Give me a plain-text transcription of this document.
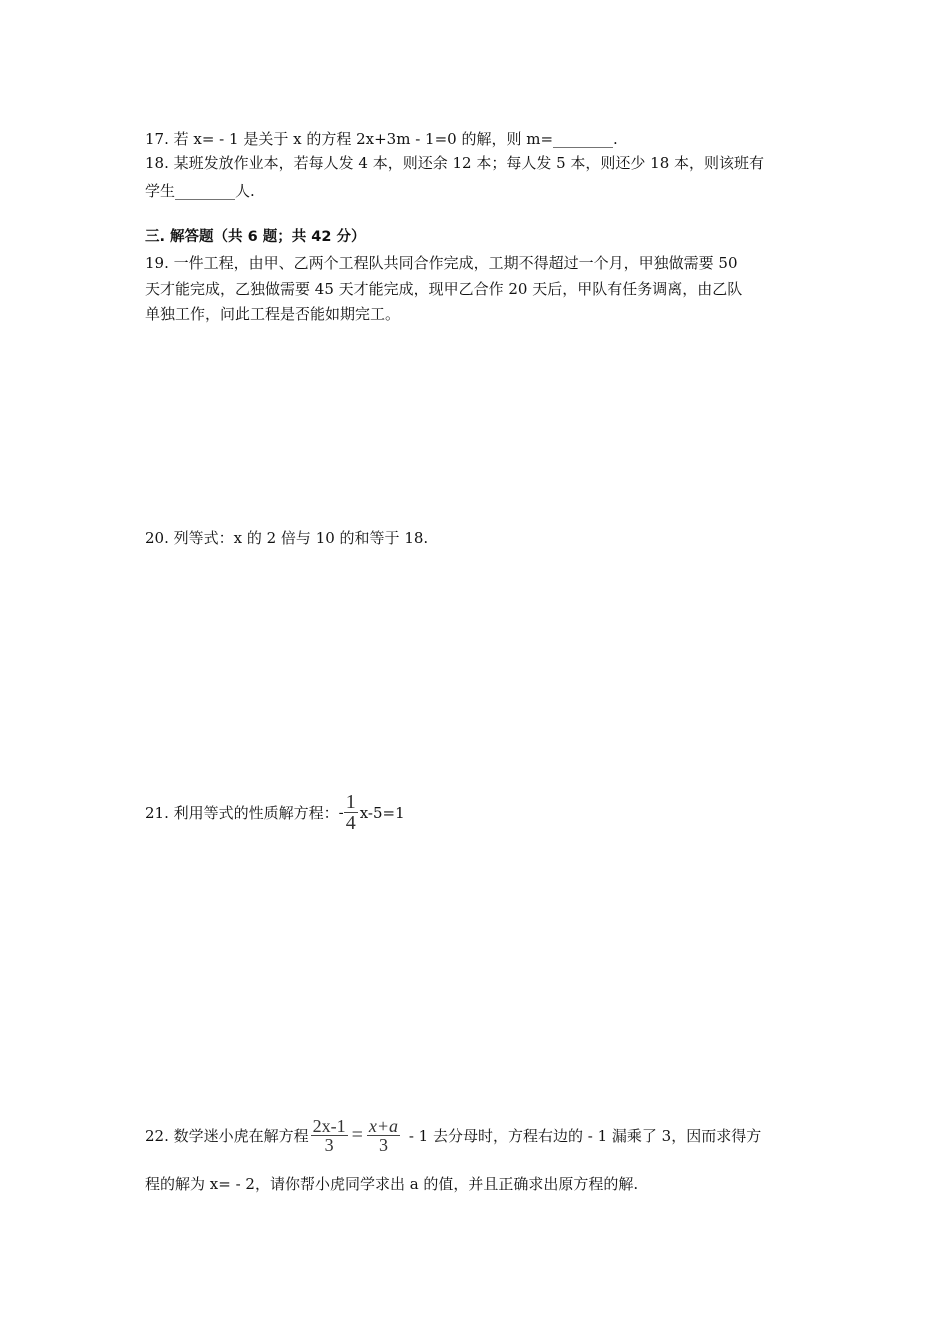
17. 若 x= - 1 是关于 x 的方程 2x+3m - 1=0 的解，则 m=________.
18. 某班发放作业本，若每人发 4 本，则还余 12 本；每人发 5 本，则还少 18 本，则该班有
学生________人.
三. 解答题（共 6 题；共 42 分）
19. 一件工程，由甲、乙两个工程队共同合作完成，工期不得超过一个月，甲独做需要 50
天才能完成，乙独做需要 45 天才能完成，现甲乙合作 20 天后，甲队有任务调离，由乙队
单独工作，问此工程是否能如期完工。
20. 列等式：x 的 2 倍与 10 的和等于 18.
21. 利用等式的性质解方程：- $\frac{1}{4} x-5=1$
22. 数学迷小虎在解方程 $\frac{2x-1}{3} = \frac{x+a}{3} - 1$ 去分母时，方程右边的 - 1 漏乘了 3，因而求得方
程的解为 x= - 2，请你帮小虎同学求出 a 的值，并且正确求出原方程的解.
